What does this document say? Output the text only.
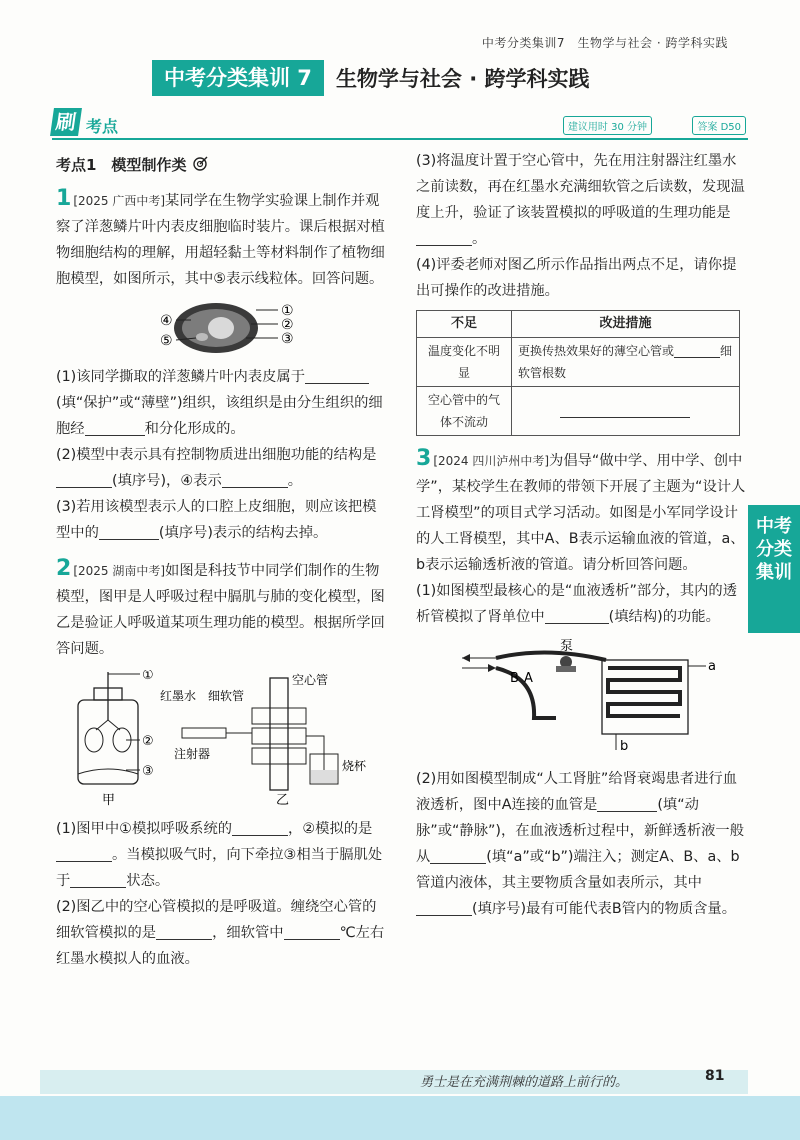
中考分类集训7　生物学与社会 · 跨学科实践
中考分类集训 7	生物学与社会 · 跨学科实践
刷 考点	建议用时 30 分钟	答案 D50
考点1　模型制作类

1 [2025 广西中考]某同学在生物学实验课上制作并观察了洋葱鳞片叶内表皮细胞临时装片。课后根据对植物细胞结构的理解，用超轻黏土等材料制作了植物细胞模型，如图所示，其中⑤表示线粒体。回答问题。

①
②
③
④
⑤

(1)该同学撕取的洋葱鳞片叶内表皮属于(填“保护”或“薄壁”)组织，该组织是由分生组织的细胞经	和分化形成的。

(2)模型中表示具有控制物质进出细胞功能的结构是(填序号)，④表示	。

(3)若用该模型表示人的口腔上皮细胞，则应该把模型中的	(填序号)表示的结构去掉。

2 [2025 湖南中考]如图是科技节中同学们制作的生物模型，图甲是人呼吸过程中膈肌与肺的变化模型，图乙是验证人呼吸道某项生理功能的模型。根据所学回答问题。

①
②
③
甲
红墨水 细软管
空心管
注射器
烧杯
乙

(1)图甲中①模拟呼吸系统的	，②模拟的是。当模拟吸气时，向下牵拉③相当于膈肌处于	状态。

(2)图乙中的空心管模拟的是呼吸道。缠绕空心管的细软管模拟的是	，细软管中	℃左右红墨水模拟人的血液。

(3)将温度计置于空心管中，先在用注射器注红墨水之前读数，再在红墨水充满细软管之后读数，发现温度上升，验证了该装置模拟的呼吸道的生理功能是。

(4)评委老师对图乙所示作品指出两点不足，请你提出可操作的改进措施。

不足	改进措施
温度变化不明显	更换传热效果好的薄空心管或 细软管根数
空心管中的气体不流动	

3 [2024 四川泸州中考]为倡导“做中学、用中学、创中学”，某校学生在教师的带领下开展了主题为“设计人工肾模型”的项目式学习活动。如图是小军同学设计的人工肾模型，其中A、B表示运输血液的管道，a、b表示运输透析液的管道。请分析回答问题。

(1)如图模型最核心的是“血液透析”部分，其内的透析管模拟了肾单位中	(填结构)的功能。

泵
B A
a
b

(2)用如图模型制成“人工肾脏”给肾衰竭患者进行血液透析，图中A连接的血管是	(填“动脉”或“静脉”)，在血液透析过程中，新鲜透析液一般从	(填“a”或“b”)端注入；测定A、B、a、b管道内液体，其主要物质含量如表所示，其中(填序号)最有可能代表B管内的物质含量。

中考分类集训
勇士是在充满荆棘的道路上前行的。	81
